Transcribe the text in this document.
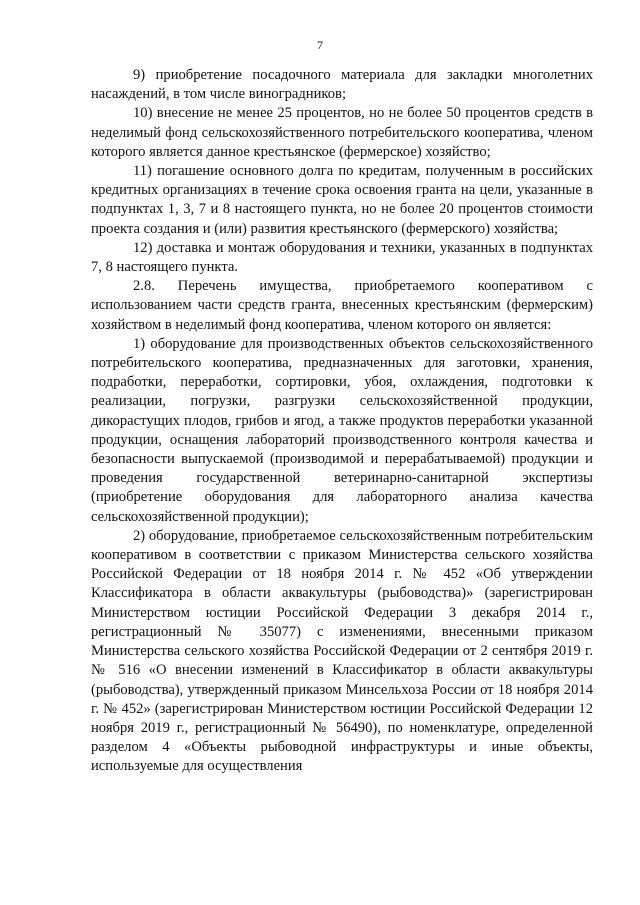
7

9) приобретение посадочного материала для закладки многолетних насаждений, в том числе виноградников;

10) внесение не менее 25 процентов, но не более 50 процентов средств в неделимый фонд сельскохозяйственного потребительского кооператива, членом которого является данное крестьянское (фермерское) хозяйство;

11) погашение основного долга по кредитам, полученным в российских кредитных организациях в течение срока освоения гранта на цели, указанные в подпунктах 1, 3, 7 и 8 настоящего пункта, но не более 20 процентов стоимости проекта создания и (или) развития крестьянского (фермерского) хозяйства;

12) доставка и монтаж оборудования и техники, указанных в подпунктах 7, 8 настоящего пункта.

2.8. Перечень имущества, приобретаемого кооперативом с использованием части средств гранта, внесенных крестьянским (фермерским) хозяйством в неделимый фонд кооператива, членом которого он является:

1) оборудование для производственных объектов сельскохозяйственного потребительского кооператива, предназначенных для заготовки, хранения, подработки, переработки, сортировки, убоя, охлаждения, подготовки к реализации, погрузки, разгрузки сельскохозяйственной продукции, дикорастущих плодов, грибов и ягод, а также продуктов переработки указанной продукции, оснащения лабораторий производственного контроля качества и безопасности выпускаемой (производимой и перерабатываемой) продукции и проведения государственной ветеринарно-санитарной экспертизы (приобретение оборудования для лабораторного анализа качества сельскохозяйственной продукции);

2) оборудование, приобретаемое сельскохозяйственным потребительским кооперативом в соответствии с приказом Министерства сельского хозяйства Российской Федерации от 18 ноября 2014 г. № 452 «Об утверждении Классификатора в области аквакультуры (рыбоводства)» (зарегистрирован Министерством юстиции Российской Федерации 3 декабря 2014 г., регистрационный № 35077) с изменениями, внесенными приказом Министерства сельского хозяйства Российской Федерации от 2 сентября 2019 г. № 516 «О внесении изменений в Классификатор в области аквакультуры (рыбоводства), утвержденный приказом Минсельхоза России от 18 ноября 2014 г. № 452» (зарегистрирован Министерством юстиции Российской Федерации 12 ноября 2019 г., регистрационный № 56490), по номенклатуре, определенной разделом 4 «Объекты рыбоводной инфраструктуры и иные объекты, используемые для осуществления
